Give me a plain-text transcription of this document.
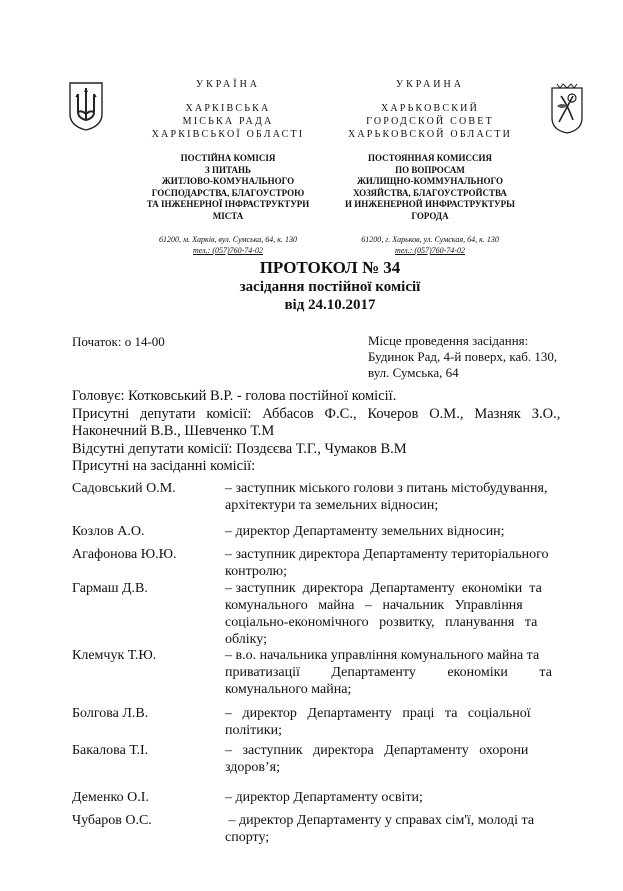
УКРАЇНА
ХАРКІВСЬКА
МІСЬКА РАДА
ХАРКІВСЬКОЇ ОБЛАСТІ
ПОСТІЙНА КОМІСІЯ
З ПИТАНЬ
ЖИТЛОВО-КОМУНАЛЬНОГО
ГОСПОДАРСТВА, БЛАГОУСТРОЮ
ТА ІНЖЕНЕРНОЇ ІНФРАСТРУКТУРИ
МІСТА
61200, м. Харків, вул. Сумська, 64, к. 130
тел.: (057)760-74-02
УКРАИНА
ХАРЬКОВСКИЙ
ГОРОДСКОЙ СОВЕТ
ХАРЬКОВСКОЙ ОБЛАСТИ
ПОСТОЯННАЯ КОМИССИЯ
ПО ВОПРОСАМ
ЖИЛИЩНО-КОММУНАЛЬНОГО
ХОЗЯЙСТВА, БЛАГОУСТРОЙСТВА
И ИНЖЕНЕРНОЙ ИНФРАСТРУКТУРЫ
ГОРОДА
61200, г. Харьков, ул. Сумская, 64, к. 130
тел.: (057)760-74-02
ПРОТОКОЛ № 34
засідання постійної комісії
від 24.10.2017
Початок: о 14-00	Місце проведення засідання:
Будинок Рад, 4-й поверх, каб. 130,
вул. Сумська, 64
Головує: Котковський В.Р. - голова постійної комісії.
Присутні   депутати   комісії:   Аббасов   Ф.С.,   Кочеров   О.М.,   Мазняк   З.О.,
Наконечний В.В., Шевченко Т.М
Відсутні депутати комісії: Поздєєва Т.Г., Чумаков В.М
Присутні на засіданні комісії:
Садовський О.М.	– заступник міського голови з питань містобудування,
архітектури та земельних відносин;
Козлов А.О.	– директор Департаменту земельних відносин;
Агафонова Ю.Ю.	– заступник директора Департаменту територіального
контролю;
Гармаш Д.В.	– заступник  директора  Департаменту  економіки  та
комунального   майна   –   начальник   Управління
соціально-економічного   розвитку,   планування   та
обліку;
Клемчук Т.Ю.	– в.о. начальника управління комунального майна та
приватизації         Департаменту         економіки         та
комунального майна;
Болгова Л.В.	–   директор   Департаменту   праці   та   соціальної
політики;
Бакалова Т.І.	–   заступник   директора   Департаменту   охорони
здоров’я;
Деменко О.І.	– директор Департаменту освіти;
Чубаров О.С.	– директор Департаменту у справах сім'ї, молоді та
спорту;
